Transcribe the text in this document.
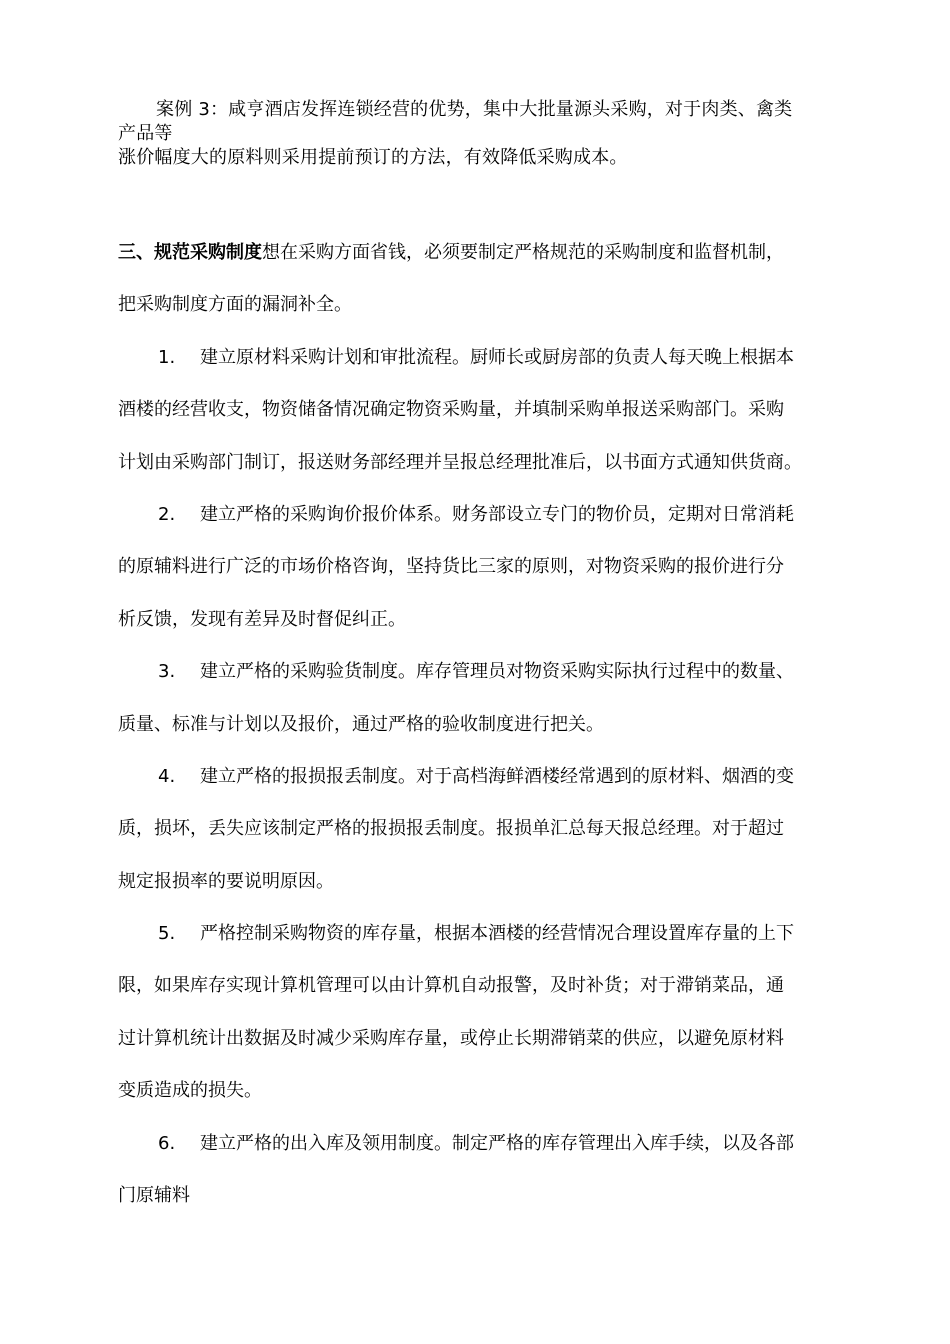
案例 3：咸亨酒店发挥连锁经营的优势，集中大批量源头采购，对于肉类、禽类
产品等
涨价幅度大的原料则采用提前预订的方法，有效降低采购成本。
三、规范采购制度想在采购方面省钱，必须要制定严格规范的采购制度和监督机制，
把采购制度方面的漏洞补全。
1. 建立原材料采购计划和审批流程。厨师长或厨房部的负责人每天晚上根据本
酒楼的经营收支，物资储备情况确定物资采购量，并填制采购单报送采购部门。采购
计划由采购部门制订，报送财务部经理并呈报总经理批准后，以书面方式通知供货商。
2. 建立严格的采购询价报价体系。财务部设立专门的物价员，定期对日常消耗
的原辅料进行广泛的市场价格咨询，坚持货比三家的原则，对物资采购的报价进行分
析反馈，发现有差异及时督促纠正。
3. 建立严格的采购验货制度。库存管理员对物资采购实际执行过程中的数量、
质量、标准与计划以及报价，通过严格的验收制度进行把关。
4. 建立严格的报损报丢制度。对于高档海鲜酒楼经常遇到的原材料、烟酒的变
质，损坏，丢失应该制定严格的报损报丢制度。报损单汇总每天报总经理。对于超过
规定报损率的要说明原因。
5. 严格控制采购物资的库存量，根据本酒楼的经营情况合理设置库存量的上下
限，如果库存实现计算机管理可以由计算机自动报警，及时补货；对于滞销菜品，通
过计算机统计出数据及时减少采购库存量，或停止长期滞销菜的供应，以避免原材料
变质造成的损失。
6. 建立严格的出入库及领用制度。制定严格的库存管理出入库手续，以及各部
门原辅料
